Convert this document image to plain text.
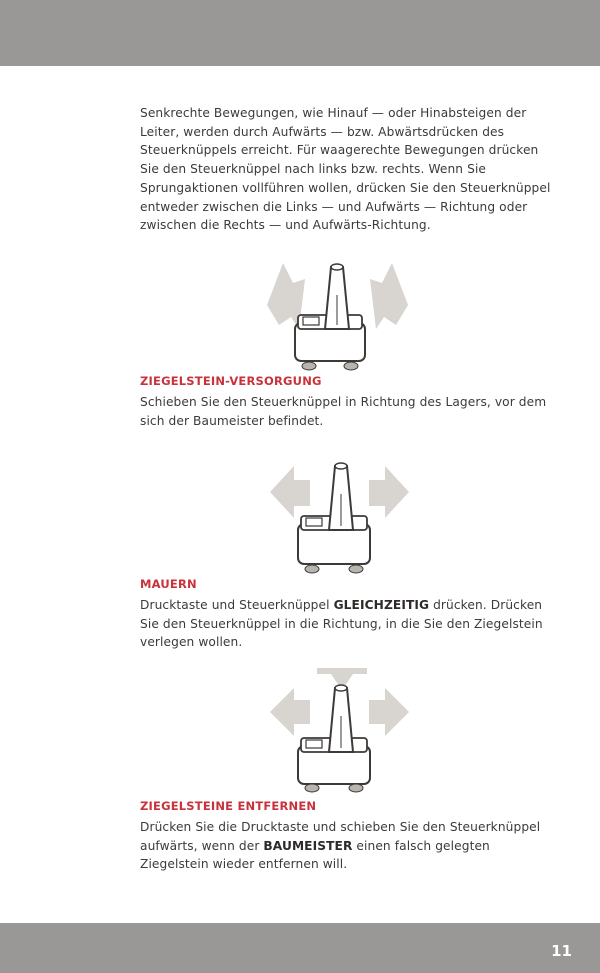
Senkrechte Bewegungen, wie Hinauf — oder Hinabsteigen der Leiter, werden durch Aufwärts — bzw. Abwärtsdrücken des Steuerknüppels erreicht. Für waagerechte Bewegungen drücken Sie den Steuerknüppel nach links bzw. rechts. Wenn Sie Sprungaktionen vollführen wollen, drücken Sie den Steuerknüppel entweder zwischen die Links — und Aufwärts — Richtung oder zwischen die Rechts — und Aufwärts-Richtung.
ZIEGELSTEIN-VERSORGUNG
Schieben Sie den Steuerknüppel in Richtung des Lagers, vor dem sich der Baumeister befindet.
MAUERN
Drucktaste und Steuerknüppel GLEICHZEITIG drücken. Drücken Sie den Steuerknüppel in die Richtung, in die Sie den Ziegelstein verlegen wollen.
ZIEGELSTEINE ENTFERNEN
Drücken Sie die Drucktaste und schieben Sie den Steuerknüppel aufwärts, wenn der BAUMEISTER einen falsch gelegten Ziegelstein wieder entfernen will.
11
